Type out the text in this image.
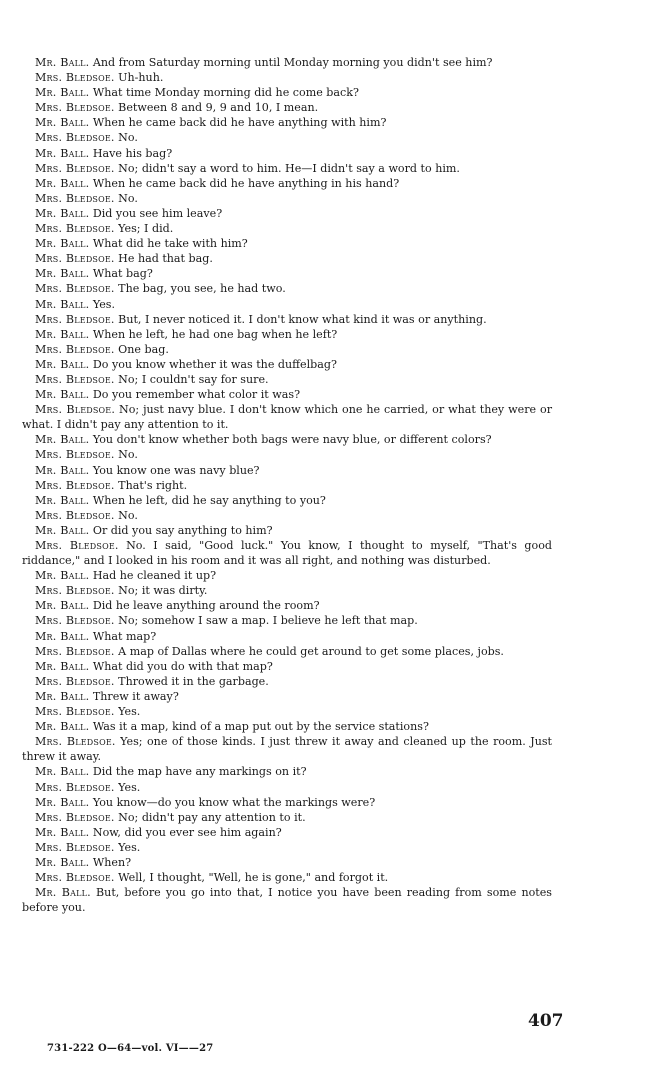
Mr. Ball. And from Saturday morning until Monday morning you didn't see him?

Mrs. Bledsoe. Uh-huh.

Mr. Ball. What time Monday morning did he come back?

Mrs. Bledsoe. Between 8 and 9, 9 and 10, I mean.

Mr. Ball. When he came back did he have anything with him?

Mrs. Bledsoe. No.

Mr. Ball. Have his bag?

Mrs. Bledsoe. No; didn't say a word to him. He—I didn't say a word to him.

Mr. Ball. When he came back did he have anything in his hand?

Mrs. Bledsoe. No.

Mr. Ball. Did you see him leave?

Mrs. Bledsoe. Yes; I did.

Mr. Ball. What did he take with him?

Mrs. Bledsoe. He had that bag.

Mr. Ball. What bag?

Mrs. Bledsoe. The bag, you see, he had two.

Mr. Ball. Yes.

Mrs. Bledsoe. But, I never noticed it. I don't know what kind it was or anything.

Mr. Ball. When he left, he had one bag when he left?

Mrs. Bledsoe. One bag.

Mr. Ball. Do you know whether it was the duffelbag?

Mrs. Bledsoe. No; I couldn't say for sure.

Mr. Ball. Do you remember what color it was?

Mrs. Bledsoe. No; just navy blue. I don't know which one he carried, or what they were or what. I didn't pay any attention to it.

Mr. Ball. You don't know whether both bags were navy blue, or different colors?

Mrs. Bledsoe. No.

Mr. Ball. You know one was navy blue?

Mrs. Bledsoe. That's right.

Mr. Ball. When he left, did he say anything to you?

Mrs. Bledsoe. No.

Mr. Ball. Or did you say anything to him?

Mrs. Bledsoe. No. I said, "Good luck." You know, I thought to myself, "That's good riddance," and I looked in his room and it was all right, and nothing was disturbed.

Mr. Ball. Had he cleaned it up?

Mrs. Bledsoe. No; it was dirty.

Mr. Ball. Did he leave anything around the room?

Mrs. Bledsoe. No; somehow I saw a map. I believe he left that map.

Mr. Ball. What map?

Mrs. Bledsoe. A map of Dallas where he could get around to get some places, jobs.

Mr. Ball. What did you do with that map?

Mrs. Bledsoe. Throwed it in the garbage.

Mr. Ball. Threw it away?

Mrs. Bledsoe. Yes.

Mr. Ball. Was it a map, kind of a map put out by the service stations?

Mrs. Bledsoe. Yes; one of those kinds. I just threw it away and cleaned up the room. Just threw it away.

Mr. Ball. Did the map have any markings on it?

Mrs. Bledsoe. Yes.

Mr. Ball. You know—do you know what the markings were?

Mrs. Bledsoe. No; didn't pay any attention to it.

Mr. Ball. Now, did you ever see him again?

Mrs. Bledsoe. Yes.

Mr. Ball. When?

Mrs. Bledsoe. Well, I thought, "Well, he is gone," and forgot it.

Mr. Ball. But, before you go into that, I notice you have been reading from some notes before you.

407
731-222 O—64—vol. VI——27
